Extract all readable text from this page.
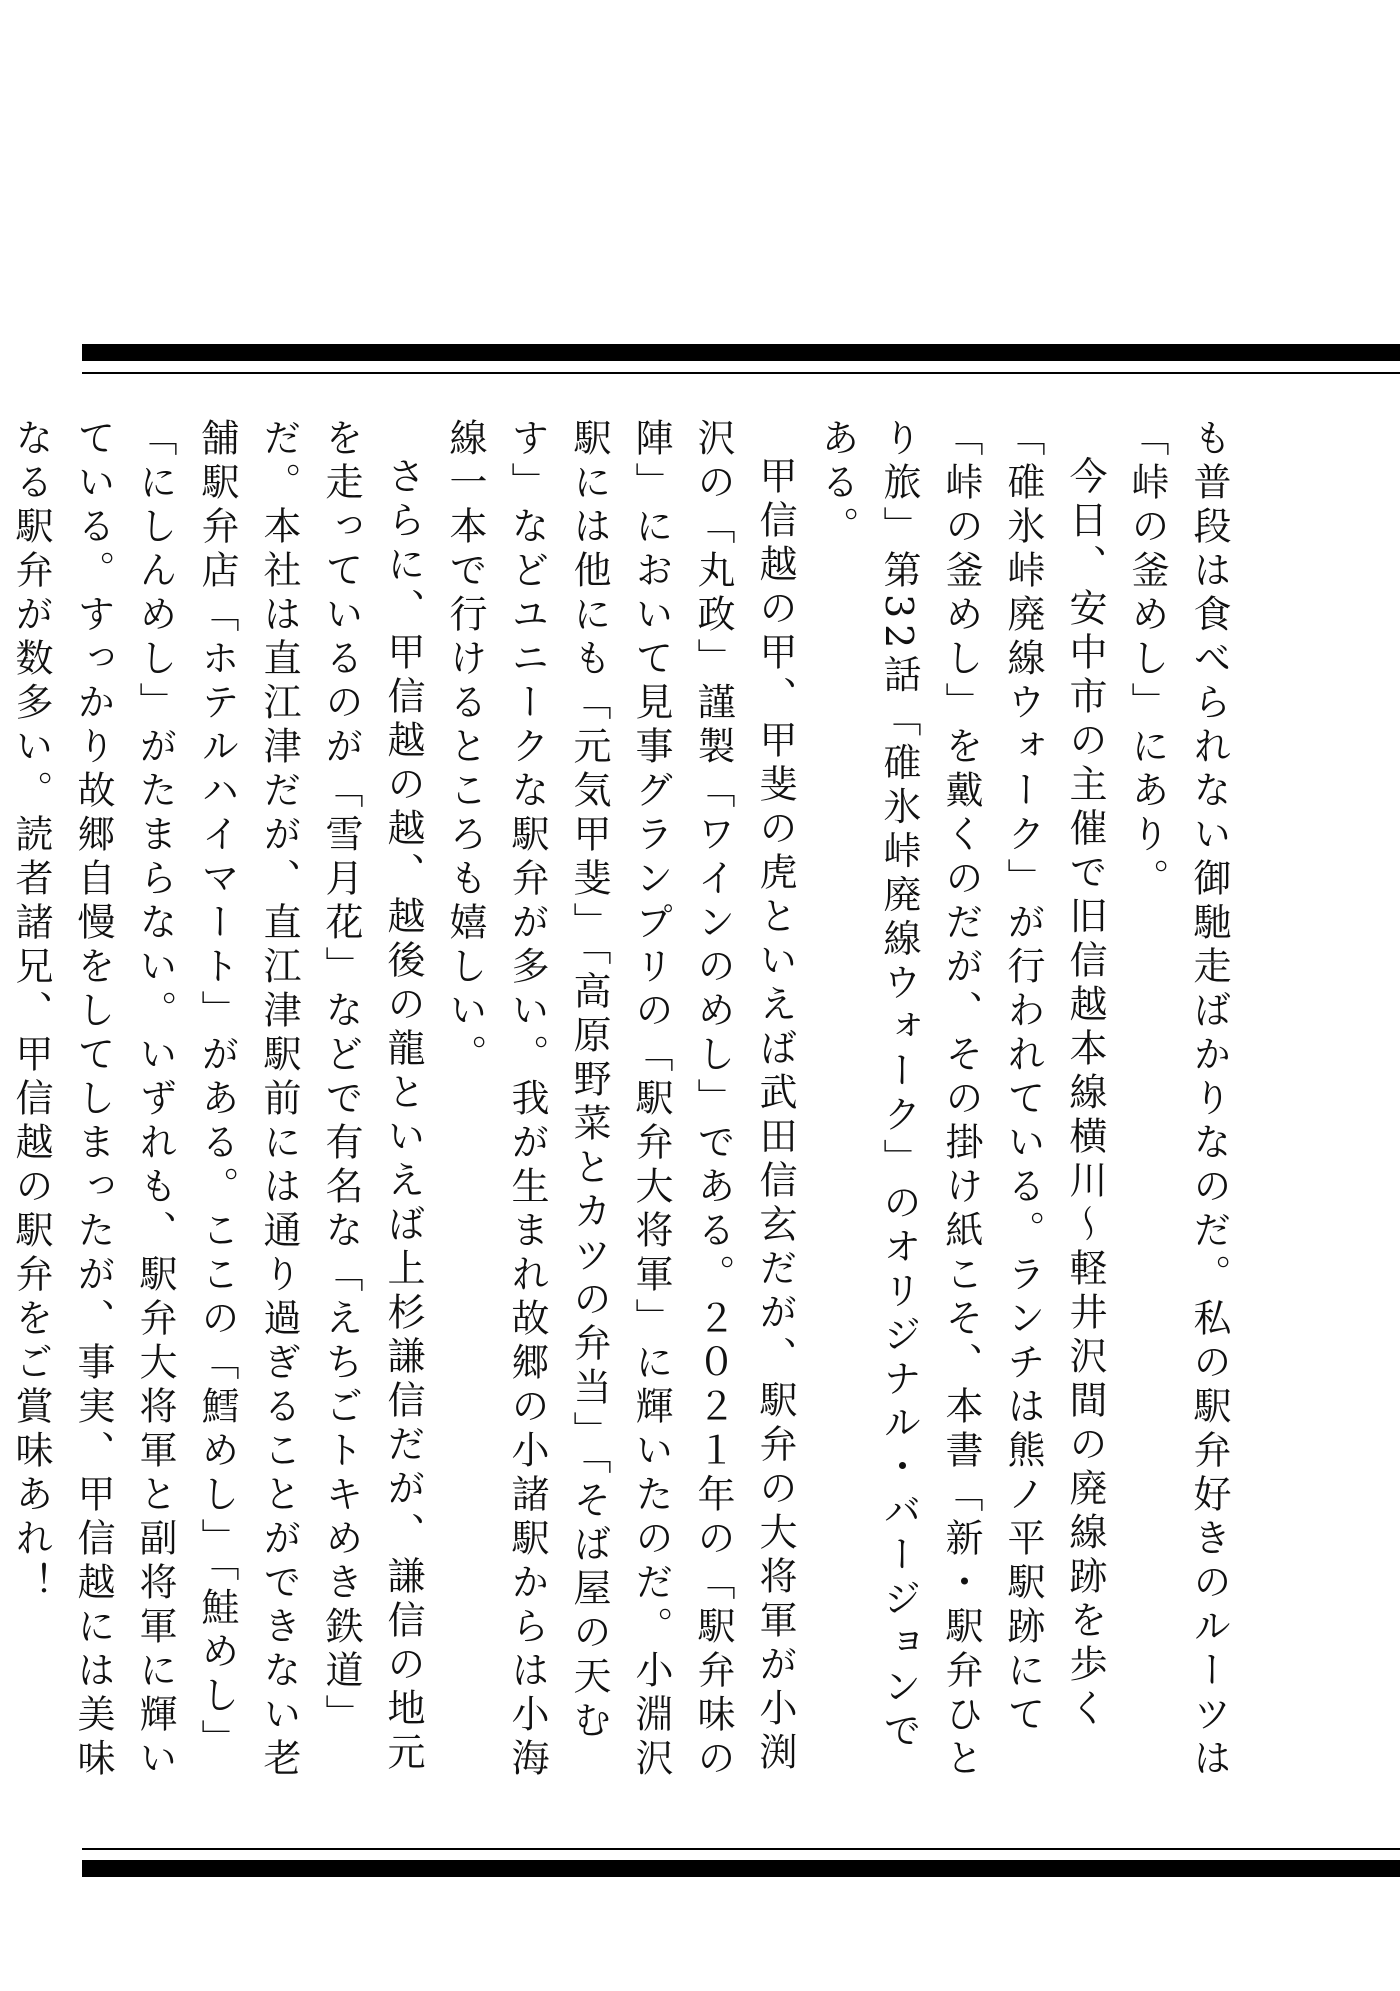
も普段は食べられない御馳走ばかりなのだ。私の駅弁好きのルーツは「峠の釜めし」にあり。

今日、安中市の主催で旧信越本線横川～軽井沢間の廃線跡を歩く「碓氷峠廃線ウォーク」が行われている。ランチは熊ノ平駅跡にて「峠の釜めし」を戴くのだが、その掛け紙こそ、本書「新・駅弁ひとり旅」第32話「碓氷峠廃線ウォーク」のオリジナル・バージョンである。

甲信越の甲、甲斐の虎といえば武田信玄だが、駅弁の大将軍が小渕沢の「丸政」謹製「ワインのめし」である。２０２１年の「駅弁味の陣」において見事グランプリの「駅弁大将軍」に輝いたのだ。小淵沢駅には他にも「元気甲斐」「高原野菜とカツの弁当」「そば屋の天むす」などユニークな駅弁が多い。我が生まれ故郷の小諸駅からは小海線一本で行けるところも嬉しい。

さらに、甲信越の越、越後の龍といえば上杉謙信だが、謙信の地元を走っているのが「雪月花」などで有名な「えちごトキめき鉄道」だ。本社は直江津だが、直江津駅前には通り過ぎることができない老舗駅弁店「ホテルハイマート」がある。ここの「鱈めし」「鮭めし」「にしんめし」がたまらない。いずれも、駅弁大将軍と副将軍に輝いている。すっかり故郷自慢をしてしまったが、事実、甲信越には美味なる駅弁が数多い。読者諸兄、甲信越の駅弁をご賞味あれ！
